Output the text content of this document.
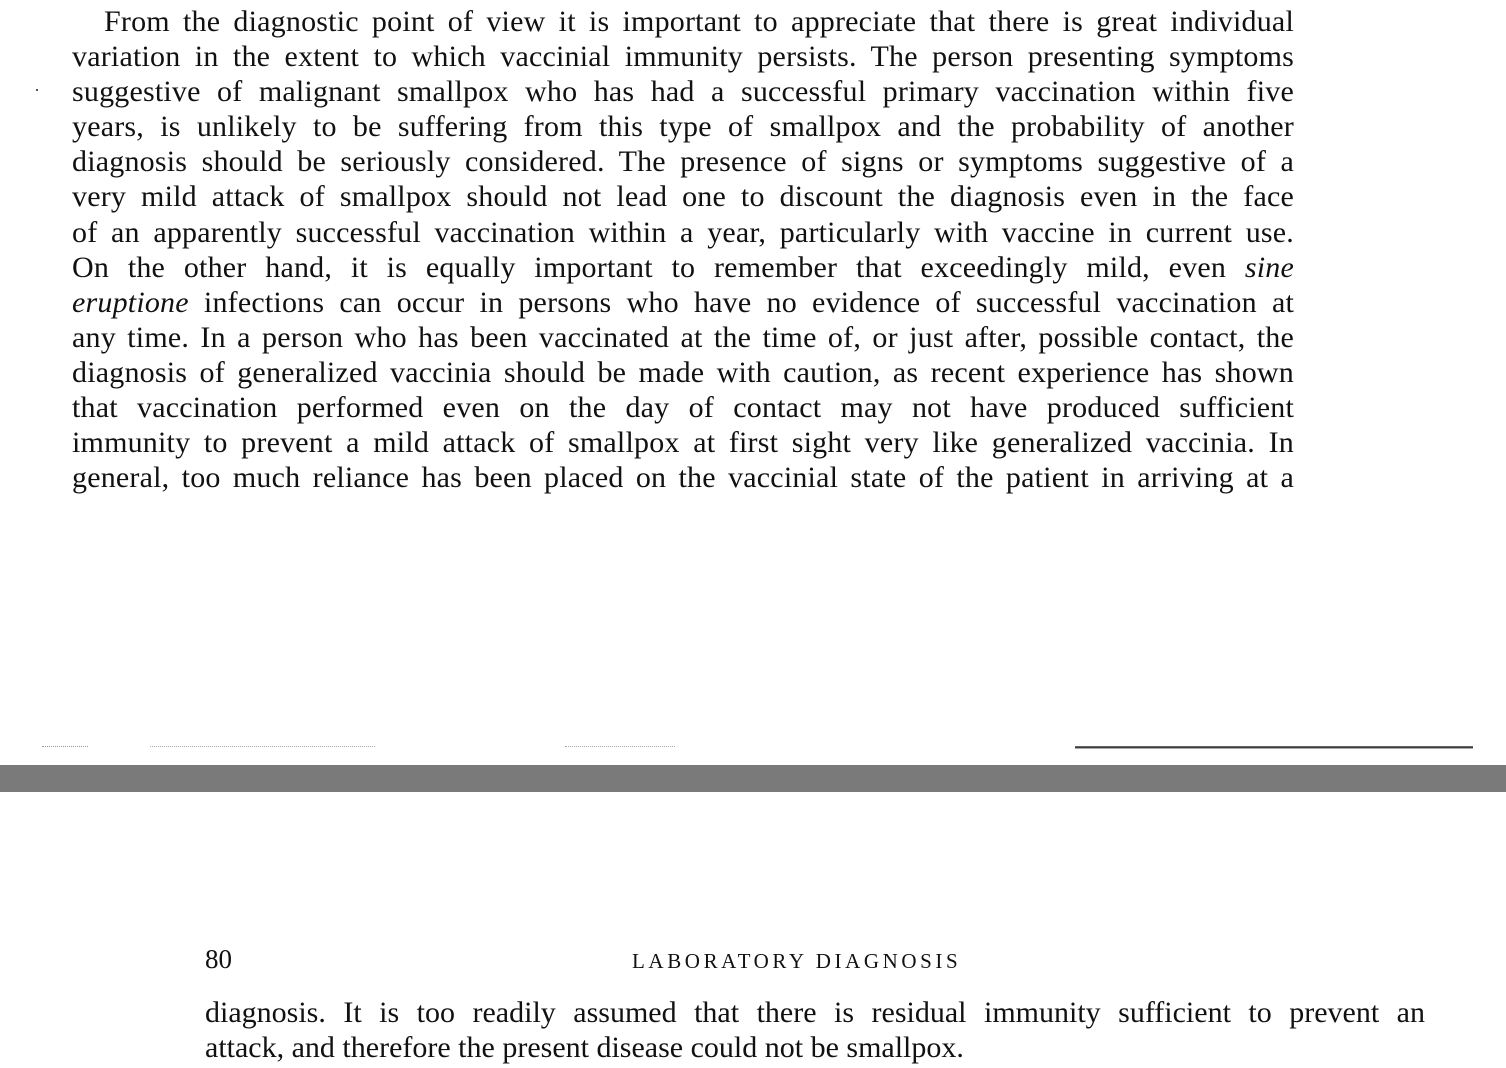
From the diagnostic point of view it is important to appreciate that there is great individual
variation in the extent to which vaccinial immunity persists. The person presenting symptoms
suggestive of malignant smallpox who has had a successful primary vaccination within five
years, is unlikely to be suffering from this type of smallpox and the probability of another
diagnosis should be seriously considered. The presence of signs or symptoms suggestive of a
very mild attack of smallpox should not lead one to discount the diagnosis even in the face
of an apparently successful vaccination within a year, particularly with vaccine in current use.
On the other hand, it is equally important to remember that exceedingly mild, even sine
eruptione infections can occur in persons who have no evidence of successful vaccination at
any time. In a person who has been vaccinated at the time of, or just after, possible contact, the
diagnosis of generalized vaccinia should be made with caution, as recent experience has shown
that vaccination performed even on the day of contact may not have produced sufficient
immunity to prevent a mild attack of smallpox at first sight very like generalized vaccinia. In
general, too much reliance has been placed on the vaccinial state of the patient in arriving at a
80	LABORATORY DIAGNOSIS
diagnosis. It is too readily assumed that there is residual immunity sufficient to prevent an
attack, and therefore the present disease could not be smallpox.
